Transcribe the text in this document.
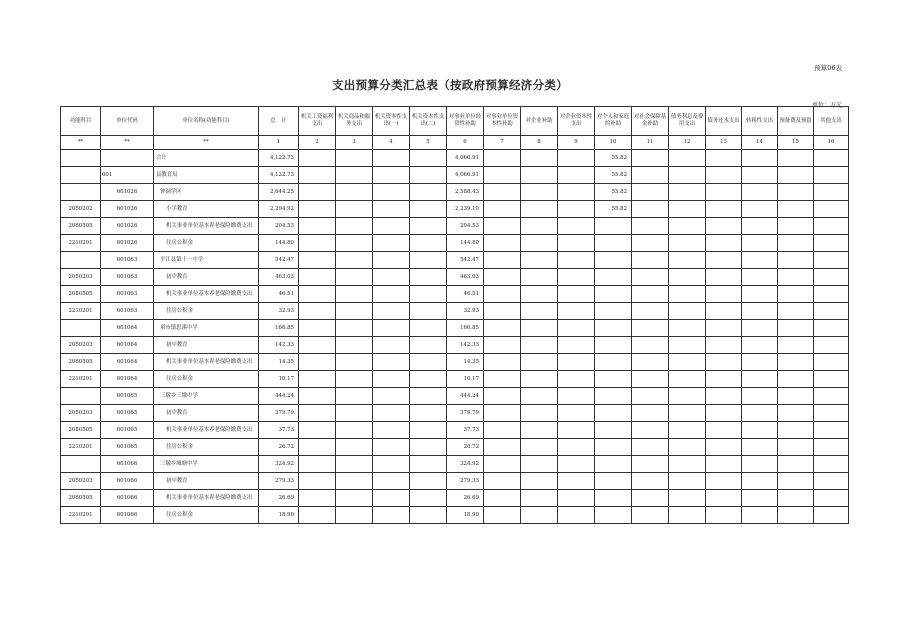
预算06表
支出预算分类汇总表（按政府预算经济分类）
单位：万元
功能科目	单位代码	单位名称(功能科目)	总　计	机关工资福利支出	机关商品和服务支出	机关资本性支出(一)	机关资本性支出(二)	对事业单位经常性补助	对事业单位资本性补助	对企业补助	对企业资本性支出	对个人和家庭的补助	对社会保障基金补助	债务利息及费用支出	债务还本支出	转移性支出	预备费及预留	其他支出
**	**	**	1	2	3	4	5	6	7	8	9	10	11	12	13	14	15	16
		合计	4,122.73					4,066.91				55.82						
	601	县教育局	4,122.73					4,066.91				55.82						
	601026	钟洞学区	2,644.25					2,588.43				55.82						
2050202	601026	小学教育	2,294.92					2,239.10				55.82						
2080505	601026	机关事业单位基本养老保险缴费支出	204.53					204.53										
2210201	601026	住房公积金	144.80					144.80										
	601063	平江县第十一中学	542.47					542.47										
2050203	601063	初中教育	463.03					463.03										
2080505	601063	机关事业单位基本养老保险缴费支出	46.51					46.51										
2210201	601063	住房公积金	32.93					32.93										
	601064	童市镇思溪中学	166.85					166.85										
2050203	601064	初中教育	142.33					142.33										
2080505	601064	机关事业单位基本养老保险缴费支出	14.35					14.35										
2210201	601064	住房公积金	10.17					10.17										
	601065	三墩乡三墩中学	444.24					444.24										
2050203	601065	初中教育	379.79					379.79										
2080505	601065	机关事业单位基本养老保险缴费支出	37.73					37.73										
2210201	601065	住房公积金	26.72					26.72										
	601066	三墩乡城塘中学	324.92					324.92										
2050203	601066	初中教育	279.33					279.33										
2080505	601066	机关事业单位基本养老保险缴费支出	26.69					26.69										
2210201	601066	住房公积金	18.90					18.90										
